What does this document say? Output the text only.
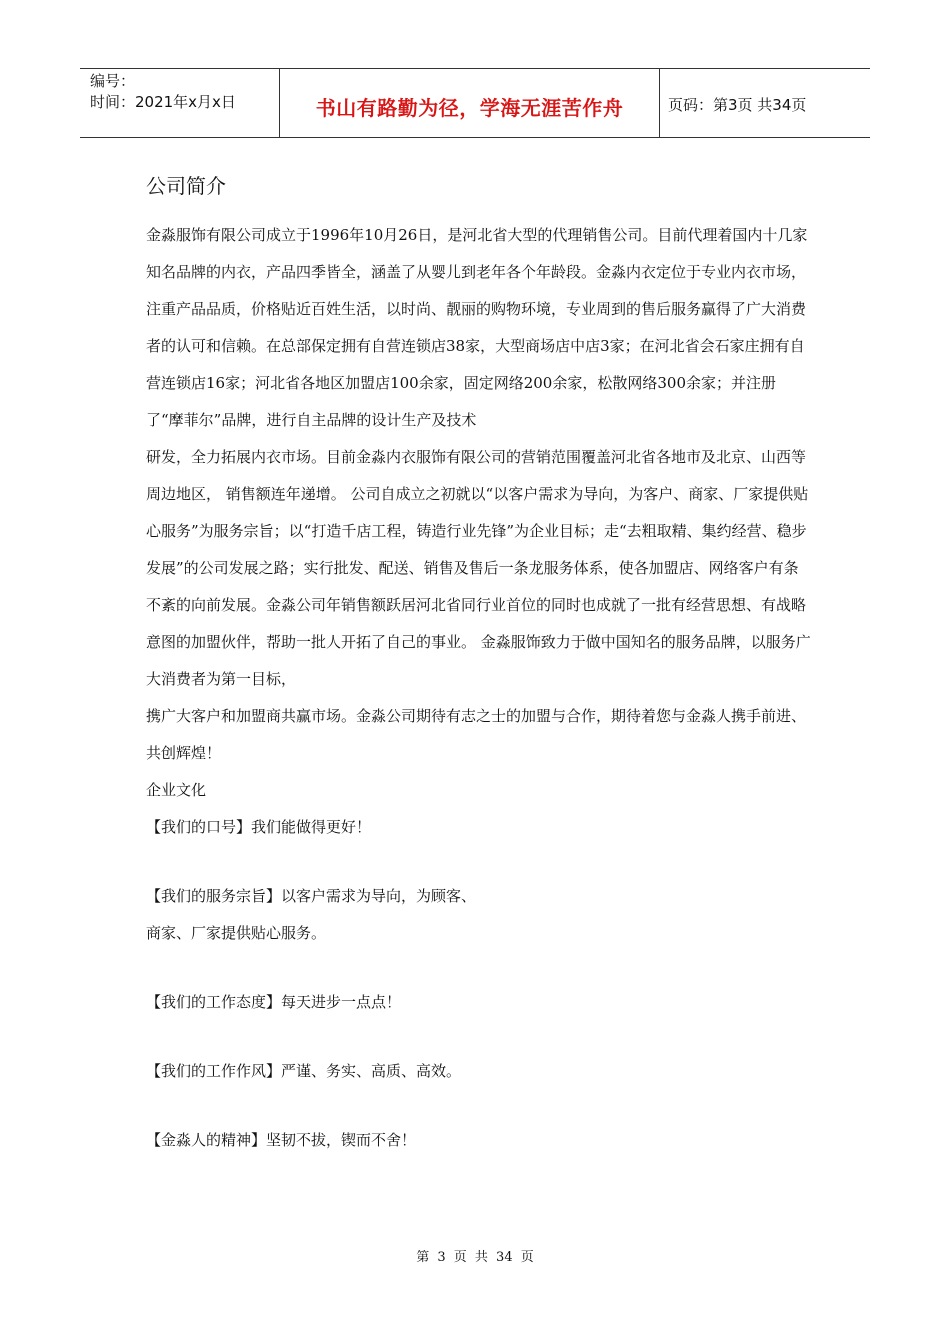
编号：
时间：2021年x月x日	书山有路勤为径，学海无涯苦作舟	页码：第3页 共34页
公司简介

金淼服饰有限公司成立于1996年10月26日，是河北省大型的代理销售公司。目前代理着国内十几家知名品牌的内衣，产品四季皆全，涵盖了从婴儿到老年各个年龄段。金淼内衣定位于专业内衣市场，注重产品品质，价格贴近百姓生活，以时尚、靓丽的购物环境，专业周到的售后服务赢得了广大消费者的认可和信赖。在总部保定拥有自营连锁店38家，大型商场店中店3家；在河北省会石家庄拥有自营连锁店16家；河北省各地区加盟店100余家，固定网络200余家，松散网络300余家；并注册了“摩菲尔”品牌，进行自主品牌的设计生产及技术

研发，全力拓展内衣市场。目前金淼内衣服饰有限公司的营销范围覆盖河北省各地市及北京、山西等周边地区， 销售额连年递增。 公司自成立之初就以“以客户需求为导向，为客户、商家、厂家提供贴心服务”为服务宗旨；以“打造千店工程，铸造行业先锋”为企业目标；走“去粗取精、集约经营、稳步发展”的公司发展之路；实行批发、配送、销售及售后一条龙服务体系，使各加盟店、网络客户有条不紊的向前发展。金淼公司年销售额跃居河北省同行业首位的同时也成就了一批有经营思想、有战略意图的加盟伙伴，帮助一批人开拓了自己的事业。 金淼服饰致力于做中国知名的服务品牌，以服务广大消费者为第一目标，

携广大客户和加盟商共赢市场。金淼公司期待有志之士的加盟与合作，期待着您与金淼人携手前进、共创辉煌！

企业文化

【我们的口号】我们能做得更好！

【我们的服务宗旨】以客户需求为导向，为顾客、

商家、厂家提供贴心服务。

【我们的工作态度】每天进步一点点！

【我们的工作作风】严谨、务实、高质、高效。

【金淼人的精神】坚韧不拔，锲而不舍！

第 3 页 共 34 页
